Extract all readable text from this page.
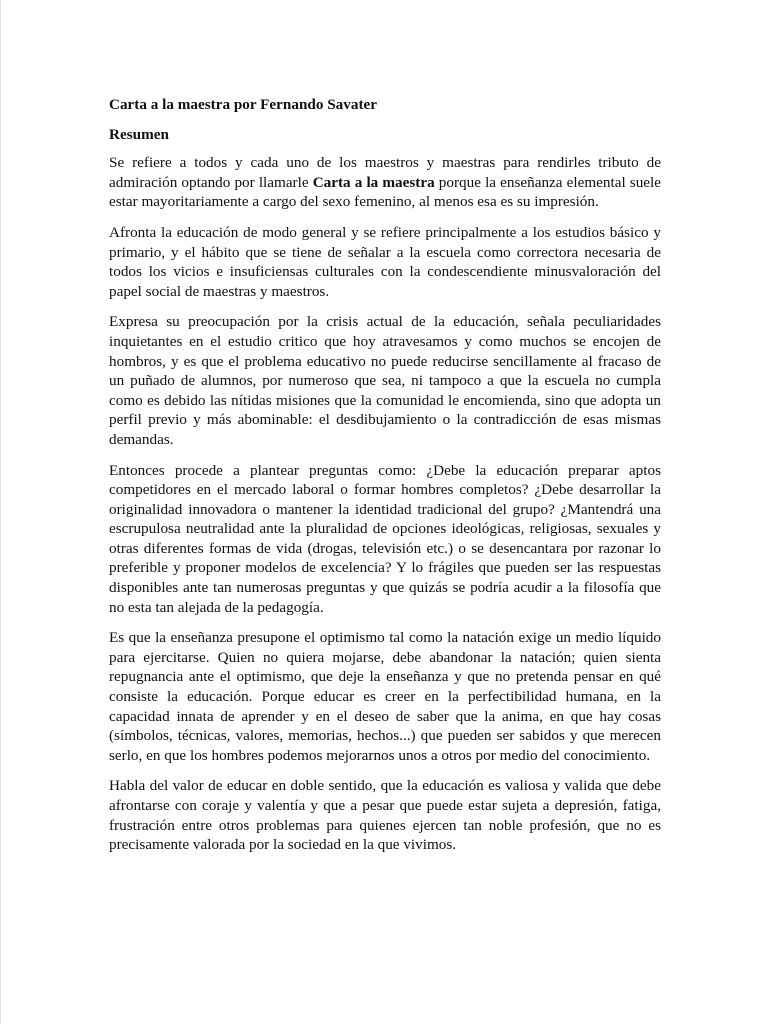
Carta a la maestra por Fernando Savater
Resumen

Se refiere a todos y cada uno de los maestros y maestras para rendirles tributo de admiración optando por llamarle Carta a la maestra porque la enseñanza elemental suele estar mayoritariamente a cargo del sexo femenino, al menos esa es su impresión.

Afronta la educación de modo general y se refiere principalmente a los estudios básico y primario, y el hábito que se tiene de señalar a la escuela como correctora necesaria de todos los vicios e insuficiensas culturales con la condescendiente minusvaloración del papel social de maestras y maestros.

Expresa su preocupación por la crisis actual de la educación, señala peculiaridades inquietantes en el estudio critico que hoy atravesamos y como muchos se encojen de hombros, y es que el problema educativo no puede reducirse sencillamente al fracaso de un puñado de alumnos, por numeroso que sea, ni tampoco a que la escuela no cumpla como es debido las nítidas misiones que la comunidad le encomienda, sino que adopta un perfil previo y más abominable: el desdibujamiento o la contradicción de esas mismas demandas.

Entonces procede a plantear preguntas como: ¿Debe la educación preparar aptos competidores en el mercado laboral o formar hombres completos? ¿Debe desarrollar la originalidad innovadora o mantener la identidad tradicional del grupo? ¿Mantendrá una escrupulosa neutralidad ante la pluralidad de opciones ideológicas, religiosas, sexuales y otras diferentes formas de vida (drogas, televisión etc.) o se desencantara por razonar lo preferible y proponer modelos de excelencia? Y lo frágiles que pueden ser las respuestas disponibles ante tan numerosas preguntas y que quizás se podría acudir a la filosofía que no esta tan alejada de la pedagogía.

Es que la enseñanza presupone el optimismo tal como la natación exige un medio líquido para ejercitarse. Quien no quiera mojarse, debe abandonar la natación; quien sienta repugnancia ante el optimismo, que deje la enseñanza y que no pretenda pensar en qué consiste la educación. Porque educar es creer en la perfectibilidad humana, en la capacidad innata de aprender y en el deseo de saber que la anima, en que hay cosas (símbolos, técnicas, valores, memorias, hechos...) que pueden ser sabidos y que merecen serlo, en que los hombres podemos mejorarnos unos a otros por medio del conocimiento.

Habla del valor de educar en doble sentido, que la educación es valiosa y valida que debe afrontarse con coraje y valentía y que a pesar que puede estar sujeta a depresión, fatiga, frustración entre otros problemas para quienes ejercen tan noble profesión, que no es precisamente valorada por la sociedad en la que vivimos.
